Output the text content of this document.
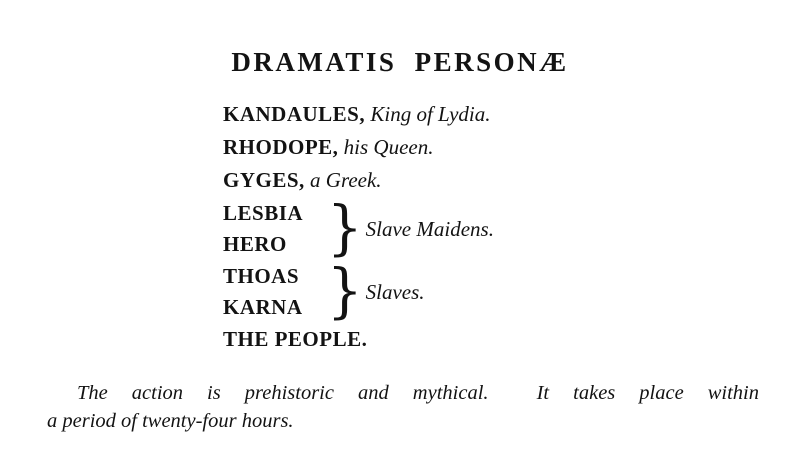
DRAMATIS PERSONÆ
KANDAULES, King of Lydia.
RHODOPE, his Queen.
GYGES, a Greek.
LESBIA
HERO } Slave Maidens.
THOAS
KARNA } Slaves.
THE PEOPLE.
The action is prehistoric and mythical.  It takes place within
a period of twenty-four hours.
